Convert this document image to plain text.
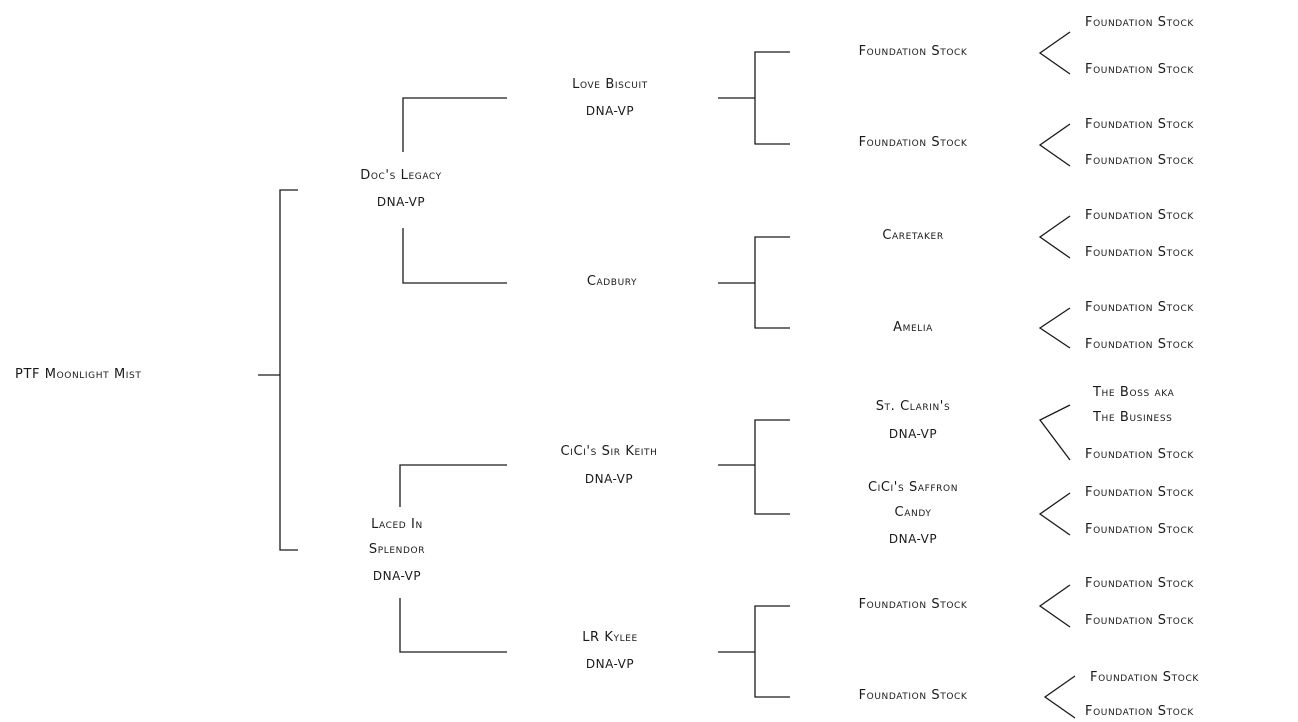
PTF Moonlight Mist
Doc's Legacy
DNA-VP
Laced In
Splendor
DNA-VP
Love Biscuit
DNA-VP
Cadbury
CiCi's Sir Keith
DNA-VP
LR Kylee
DNA-VP
Foundation Stock
Foundation Stock
Caretaker
Amelia
St. Clarin's
DNA-VP
CiCi's Saffron
Candy
DNA-VP
Foundation Stock
Foundation Stock
Foundation Stock
Foundation Stock
Foundation Stock
Foundation Stock
Foundation Stock
Foundation Stock
Foundation Stock
Foundation Stock
The Boss aka
The Business
Foundation Stock
Foundation Stock
Foundation Stock
Foundation Stock
Foundation Stock
Foundation Stock
Foundation Stock
